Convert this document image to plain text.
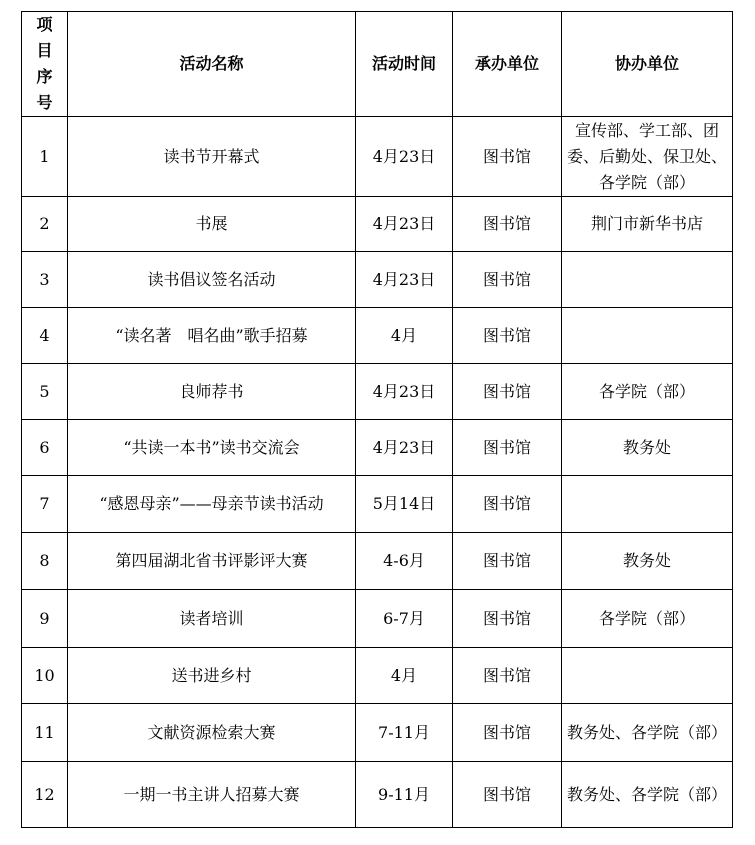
项
目
序
号	活动名称	活动时间	承办单位	协办单位
1	读书节开幕式	4月23日	图书馆	宣传部、学工部、团委、后勤处、保卫处、各学院（部）
2	书展	4月23日	图书馆	荆门市新华书店
3	读书倡议签名活动	4月23日	图书馆	
4	“读名著　唱名曲”歌手招募	4月	图书馆	
5	良师荐书	4月23日	图书馆	各学院（部）
6	“共读一本书”读书交流会	4月23日	图书馆	教务处
7	“感恩母亲”——母亲节读书活动	5月14日	图书馆	
8	第四届湖北省书评影评大赛	4-6月	图书馆	教务处
9	读者培训	6-7月	图书馆	各学院（部）
10	送书进乡村	4月	图书馆	
11	文献资源检索大赛	7-11月	图书馆	教务处、各学院（部）
12	一期一书主讲人招募大赛	9-11月	图书馆	教务处、各学院（部）
